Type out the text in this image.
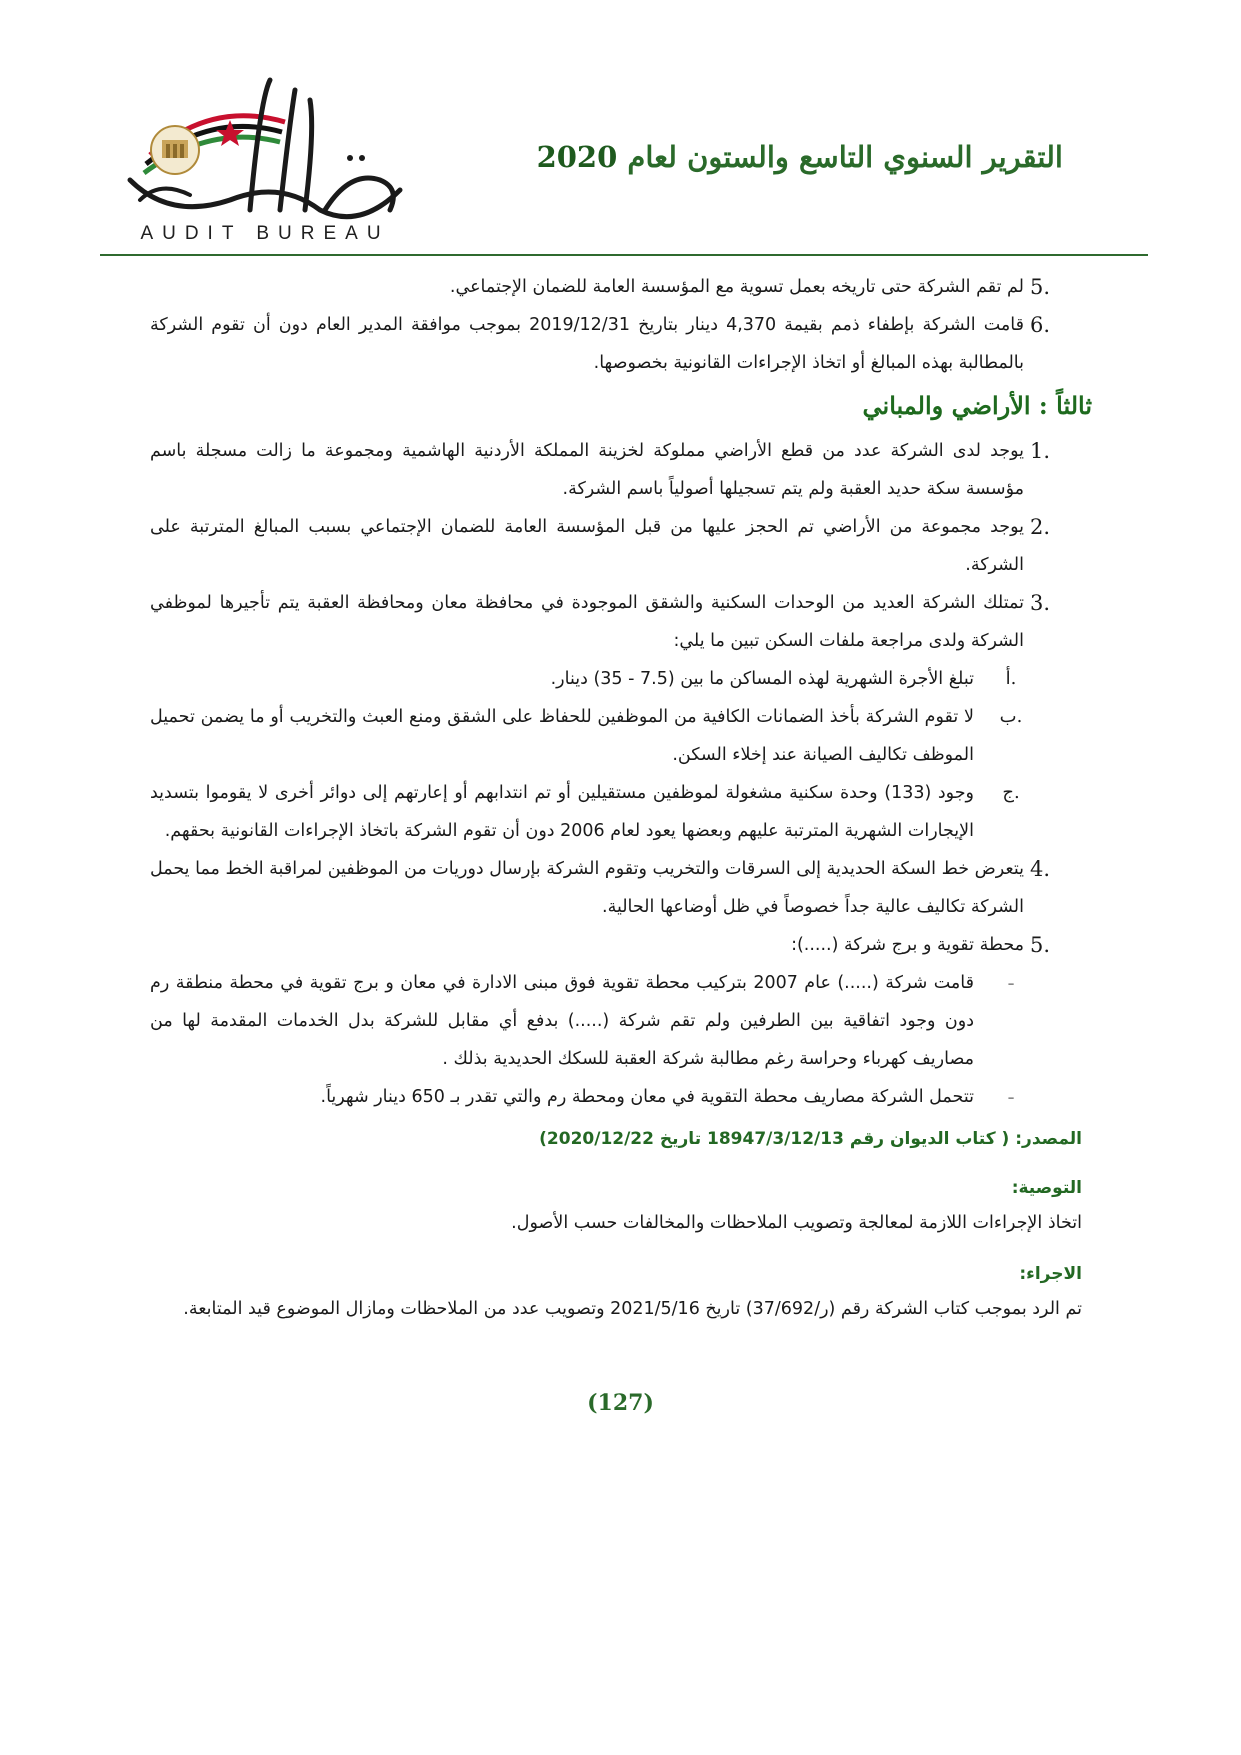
AUDIT BUREAU
التقرير السنوي التاسع والستون لعام 2020
5.
لم تقم الشركة حتى تاريخه بعمل تسوية مع المؤسسة العامة للضمان الإجتماعي.
6.
قامت الشركة بإطفاء ذمم بقيمة 4,370 دينار بتاريخ 2019/12/31 بموجب موافقة المدير العام دون أن تقوم الشركة بالمطالبة بهذه المبالغ أو اتخاذ الإجراءات القانونية بخصوصها.
ثالثاً : الأراضي والمباني
1.
يوجد لدى الشركة عدد من قطع الأراضي مملوكة لخزينة المملكة الأردنية الهاشمية ومجموعة ما زالت مسجلة باسم مؤسسة سكة حديد العقبة ولم يتم تسجيلها أصولياً باسم الشركة.
2.
يوجد مجموعة من الأراضي تم الحجز عليها من قبل المؤسسة العامة للضمان الإجتماعي بسبب المبالغ المترتبة على الشركة.
3.
تمتلك الشركة العديد من الوحدات السكنية والشقق الموجودة في محافظة معان ومحافظة العقبة يتم تأجيرها لموظفي الشركة ولدى مراجعة ملفات السكن تبين ما يلي:
أ.
تبلغ الأجرة الشهرية لهذه المساكن ما بين (7.5 - 35) دينار.
ب.
لا تقوم الشركة بأخذ الضمانات الكافية من الموظفين للحفاظ على الشقق ومنع العبث والتخريب أو ما يضمن تحميل الموظف تكاليف الصيانة عند إخلاء السكن.
ج.
وجود (133) وحدة سكنية مشغولة لموظفين مستقيلين أو تم انتدابهم أو إعارتهم إلى دوائر أخرى لا يقوموا بتسديد الإيجارات الشهرية المترتبة عليهم وبعضها يعود لعام 2006 دون أن تقوم الشركة باتخاذ الإجراءات القانونية بحقهم.
4.
يتعرض خط السكة الحديدية إلى السرقات والتخريب وتقوم الشركة بإرسال دوريات من الموظفين لمراقبة الخط مما يحمل الشركة تكاليف عالية جداً خصوصاً في ظل أوضاعها الحالية.
5.
محطة تقوية و برج شركة (.....):
-
قامت شركة (.....) عام 2007 بتركيب محطة تقوية فوق مبنى الادارة في معان و برج تقوية في محطة منطقة رم دون وجود اتفاقية بين الطرفين ولم تقم شركة (.....) بدفع أي مقابل للشركة بدل الخدمات المقدمة لها من مصاريف كهرباء وحراسة رغم مطالبة شركة العقبة للسكك الحديدية بذلك .
-
تتحمل الشركة مصاريف محطة التقوية في معان ومحطة رم والتي تقدر بـ 650 دينار شهرياً.
المصدر: ( كتاب الديوان رقم 18947/3/12/13 تاريخ 2020/12/22)
التوصية:
اتخاذ الإجراءات اللازمة لمعالجة وتصويب الملاحظات والمخالفات حسب الأصول.
الاجراء:
تم الرد بموجب كتاب الشركة رقم (ر/37/692) تاريخ 2021/5/16 وتصويب عدد من الملاحظات ومازال الموضوع قيد المتابعة.
(127)
